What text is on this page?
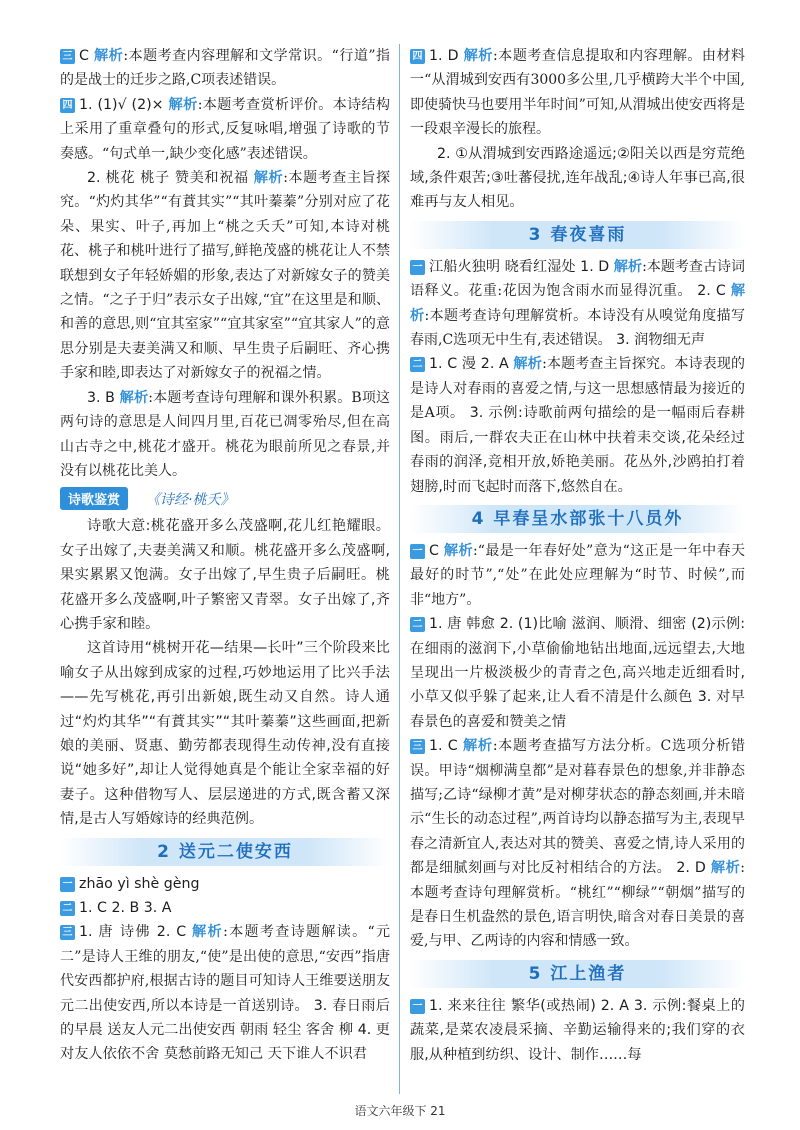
三 C 解析:本题考查内容理解和文学常识。“行道”指的是战士的迁步之路,C项表述错误。

四 1. (1)√ (2)× 解析:本题考查赏析评价。本诗结构上采用了重章叠句的形式,反复咏唱,增强了诗歌的节奏感。“句式单一,缺少变化感”表述错误。

2. 桃花 桃子 赞美和祝福 解析:本题考查主旨探究。“灼灼其华”“有蕡其实”“其叶蓁蓁”分别对应了花朵、果实、叶子,再加上“桃之夭夭”可知,本诗对桃花、桃子和桃叶进行了描写,鲜艳茂盛的桃花让人不禁联想到女子年轻娇媚的形象,表达了对新嫁女子的赞美之情。“之子于归”表示女子出嫁,“宜”在这里是和顺、和善的意思,则“宜其室家”“宜其家室”“宜其家人”的意思分别是夫妻美满又和顺、早生贵子后嗣旺、齐心携手家和睦,即表达了对新嫁女子的祝福之情。

3. B 解析:本题考查诗句理解和课外积累。B项这两句诗的意思是人间四月里,百花已凋零殆尽,但在高山古寺之中,桃花才盛开。桃花为眼前所见之春景,并没有以桃花比美人。

诗歌鉴赏	《诗经·桃夭》

诗歌大意:桃花盛开多么茂盛啊,花儿红艳耀眼。女子出嫁了,夫妻美满又和顺。桃花盛开多么茂盛啊,果实累累又饱满。女子出嫁了,早生贵子后嗣旺。桃花盛开多么茂盛啊,叶子繁密又青翠。女子出嫁了,齐心携手家和睦。

这首诗用“桃树开花—结果—长叶”三个阶段来比喻女子从出嫁到成家的过程,巧妙地运用了比兴手法——先写桃花,再引出新娘,既生动又自然。诗人通过“灼灼其华”“有蕡其实”“其叶蓁蓁”这些画面,把新娘的美丽、贤惠、勤劳都表现得生动传神,没有直接说“她多好”,却让人觉得她真是个能让全家幸福的好妻子。这种借物写人、层层递进的方式,既含蓄又深情,是古人写婚嫁诗的经典范例。

2 送元二使安西

一 zhāo yì shè gèng

二 1. C 2. B 3. A

三 1. 唐 诗佛 2. C 解析:本题考查诗题解读。“元二”是诗人王维的朋友,“使”是出使的意思,“安西”指唐代安西都护府,根据古诗的题目可知诗人王维要送朋友元二出使安西,所以本诗是一首送别诗。 3. 春日雨后的早晨 送友人元二出使安西 朝雨 轻尘 客舍 柳 4. 更 对友人依依不舍 莫愁前路无知己 天下谁人不识君

四 1. D 解析:本题考查信息提取和内容理解。由材料一“从渭城到安西有3000多公里,几乎横跨大半个中国,即使骑快马也要用半年时间”可知,从渭城出使安西将是一段艰辛漫长的旅程。

2. ①从渭城到安西路途遥远;②阳关以西是穷荒绝域,条件艰苦;③吐蕃侵扰,连年战乱;④诗人年事已高,很难再与友人相见。

3 春夜喜雨

一 江船火独明 晓看红湿处 1. D 解析:本题考查古诗词语释义。花重:花因为饱含雨水而显得沉重。 2. C 解析:本题考查诗句理解赏析。本诗没有从嗅觉角度描写春雨,C选项无中生有,表述错误。 3. 润物细无声

二 1. C 漫 2. A 解析:本题考查主旨探究。本诗表现的是诗人对春雨的喜爱之情,与这一思想感情最为接近的是A项。 3. 示例:诗歌前两句描绘的是一幅雨后春耕图。雨后,一群农夫正在山林中扶着耒交谈,花朵经过春雨的润泽,竞相开放,娇艳美丽。花丛外,沙鸥拍打着翅膀,时而飞起时而落下,悠然自在。

4 早春呈水部张十八员外

一 C 解析:“最是一年春好处”意为“这正是一年中春天最好的时节”,“处”在此处应理解为“时节、时候”,而非“地方”。

二 1. 唐 韩愈 2. (1)比喻 滋润、顺滑、细密 (2)示例:在细雨的滋润下,小草偷偷地钻出地面,远远望去,大地呈现出一片极淡极少的青青之色,高兴地走近细看时,小草又似乎躲了起来,让人看不清是什么颜色 3. 对早春景色的喜爱和赞美之情

三 1. C 解析:本题考查描写方法分析。C选项分析错误。甲诗“烟柳满皇都”是对暮春景色的想象,并非静态描写;乙诗“绿柳才黄”是对柳芽状态的静态刻画,并未暗示“生长的动态过程”,两首诗均以静态描写为主,表现早春之清新宜人,表达对其的赞美、喜爱之情,诗人采用的都是细腻刻画与对比反衬相结合的方法。 2. D 解析:本题考查诗句理解赏析。“桃红”“柳绿”“朝烟”描写的是春日生机盎然的景色,语言明快,暗含对春日美景的喜爱,与甲、乙两诗的内容和情感一致。

5 江上渔者

一 1. 来来往往 繁华(或热闹) 2. A 3. 示例:餐桌上的蔬菜,是菜农凌晨采摘、辛勤运输得来的;我们穿的衣服,从种植到纺织、设计、制作……每

语文六年级下 21
